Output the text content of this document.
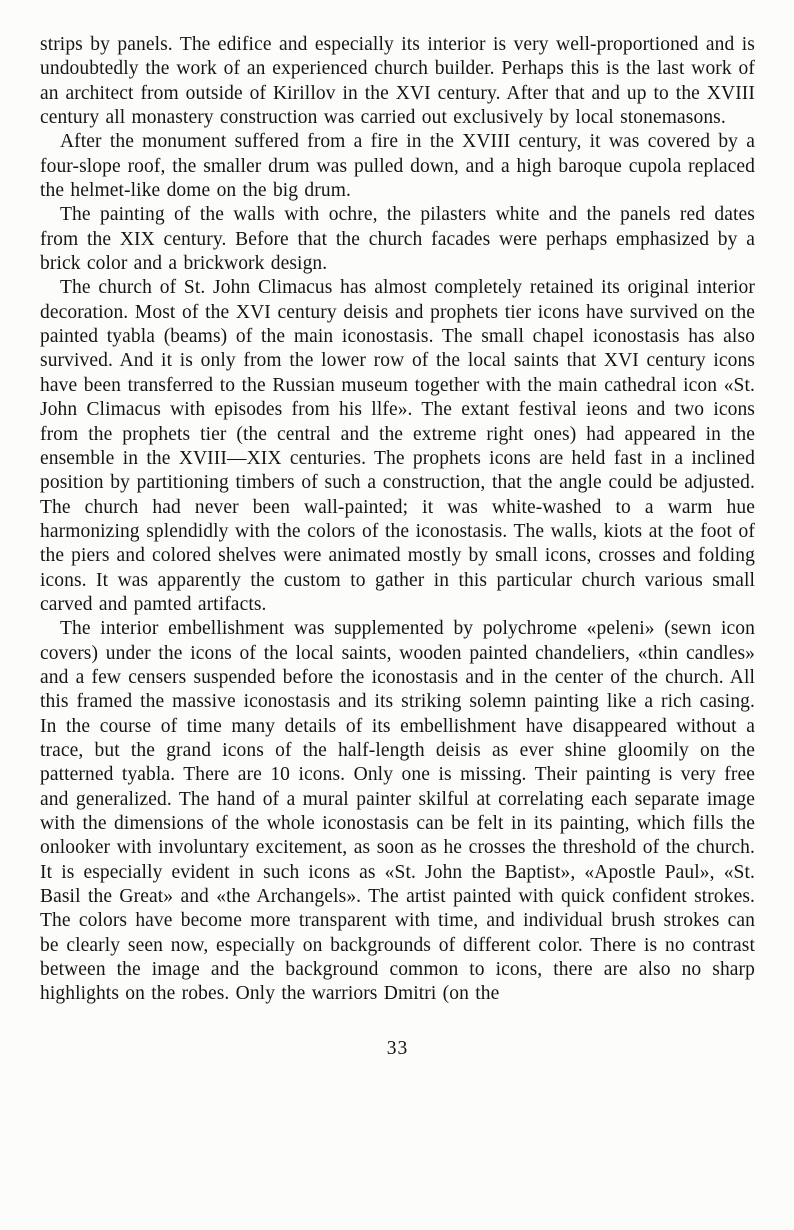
strips by panels. The edifice and especially its interior is very well-proportioned and is undoubtedly the work of an experienced church builder. Perhaps this is the last work of an architect from outside of Kirillov in the XVI century. After that and up to the XVIII century all monastery construction was carried out exclusively by local stonemasons.

After the monument suffered from a fire in the XVIII century, it was covered by a four-slope roof, the smaller drum was pulled down, and a high baroque cupola replaced the helmet-like dome on the big drum.

The painting of the walls with ochre, the pilasters white and the panels red dates from the XIX century. Before that the church facades were perhaps emphasized by a brick color and a brickwork design.

The church of St. John Climacus has almost completely retained its original interior decoration. Most of the XVI century deisis and prophets tier icons have survived on the painted tyabla (beams) of the main iconostasis. The small chapel iconostasis has also survived. And it is only from the lower row of the local saints that XVI century icons have been transferred to the Russian museum together with the main cathedral icon «St. John Climacus with episodes from his llfe». The extant festival ieons and two icons from the prophets tier (the central and the extreme right ones) had appeared in the ensemble in the XVIII—XIX centuries. The prophets icons are held fast in a inclined position by partitioning timbers of such a construction, that the angle could be adjusted. The church had never been wall-painted; it was white-washed to a warm hue harmonizing splendidly with the colors of the iconostasis. The walls, kiots at the foot of the piers and colored shelves were animated mostly by small icons, crosses and folding icons. It was apparently the custom to gather in this particular church various small carved and pamted artifacts.

The interior embellishment was supplemented by polychrome «peleni» (sewn icon covers) under the icons of the local saints, wooden painted chandeliers, «thin candles» and a few censers suspended before the iconostasis and in the center of the church. All this framed the massive iconostasis and its striking solemn painting like a rich casing. In the course of time many details of its embellishment have disappeared without a trace, but the grand icons of the half-length deisis as ever shine gloomily on the patterned tyabla. There are 10 icons. Only one is missing. Their painting is very free and generalized. The hand of a mural painter skilful at correlating each separate image with the dimensions of the whole iconostasis can be felt in its painting, which fills the onlooker with involuntary excitement, as soon as he crosses the threshold of the church. It is especially evident in such icons as «St. John the Baptist», «Apostle Paul», «St. Basil the Great» and «the Archangels». The artist painted with quick confident strokes. The colors have become more transparent with time, and individual brush strokes can be clearly seen now, especially on backgrounds of different color. There is no contrast between the image and the background common to icons, there are also no sharp highlights on the robes. Only the warriors Dmitri (on the

33
